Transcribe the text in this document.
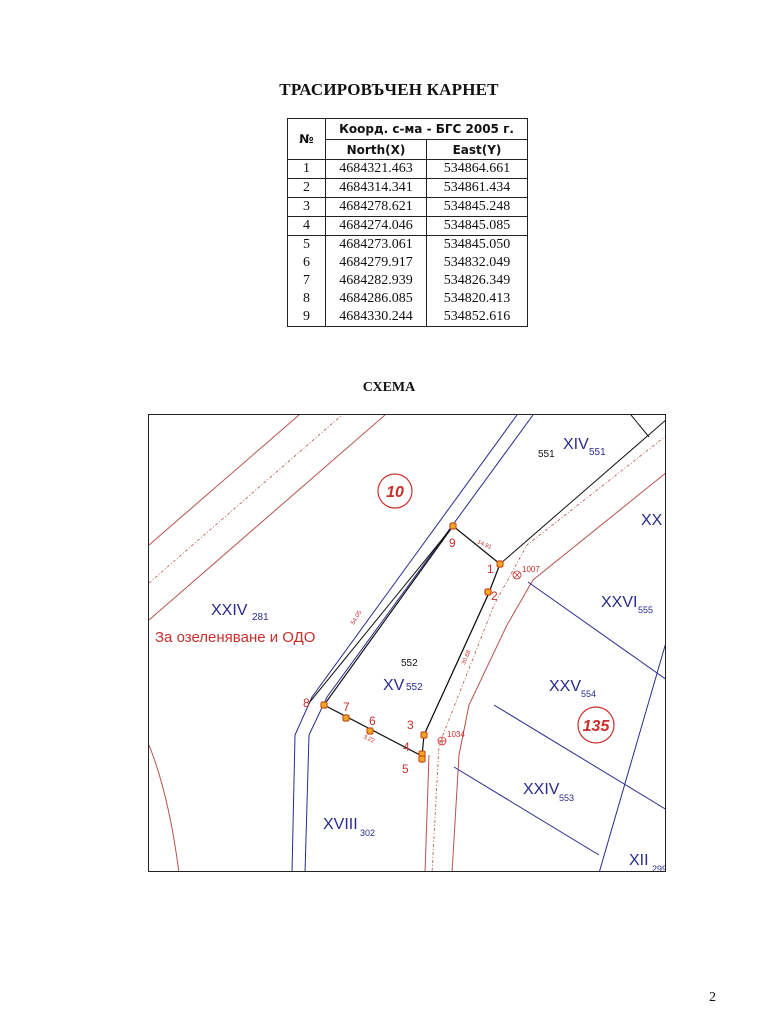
ТРАСИРОВЪЧЕН КАРНЕТ
№	Коорд. с-ма - БГС 2005 г.	
	North(X)	East(Y)
1	4684321.463	534864.661
2	4684314.341	534861.434
3	4684278.621	534845.248
4	4684274.046	534845.085
5	4684273.061	534845.050
6	4684279.917	534832.049
7	4684282.939	534826.349
8	4684286.085	534820.413
9	4684330.244	534852.616
СХЕМА
10
135
XXIV 281
XIV 551
551
XX
XXVI 555
XV 552
552
XXV 554
XXIV 553
XVIII 302
XII 299
За озеленяване и ОДО
14.91
54.05
30.68
3.22
1007
1034
1
2
3
4
5
6
7
8
9
2
